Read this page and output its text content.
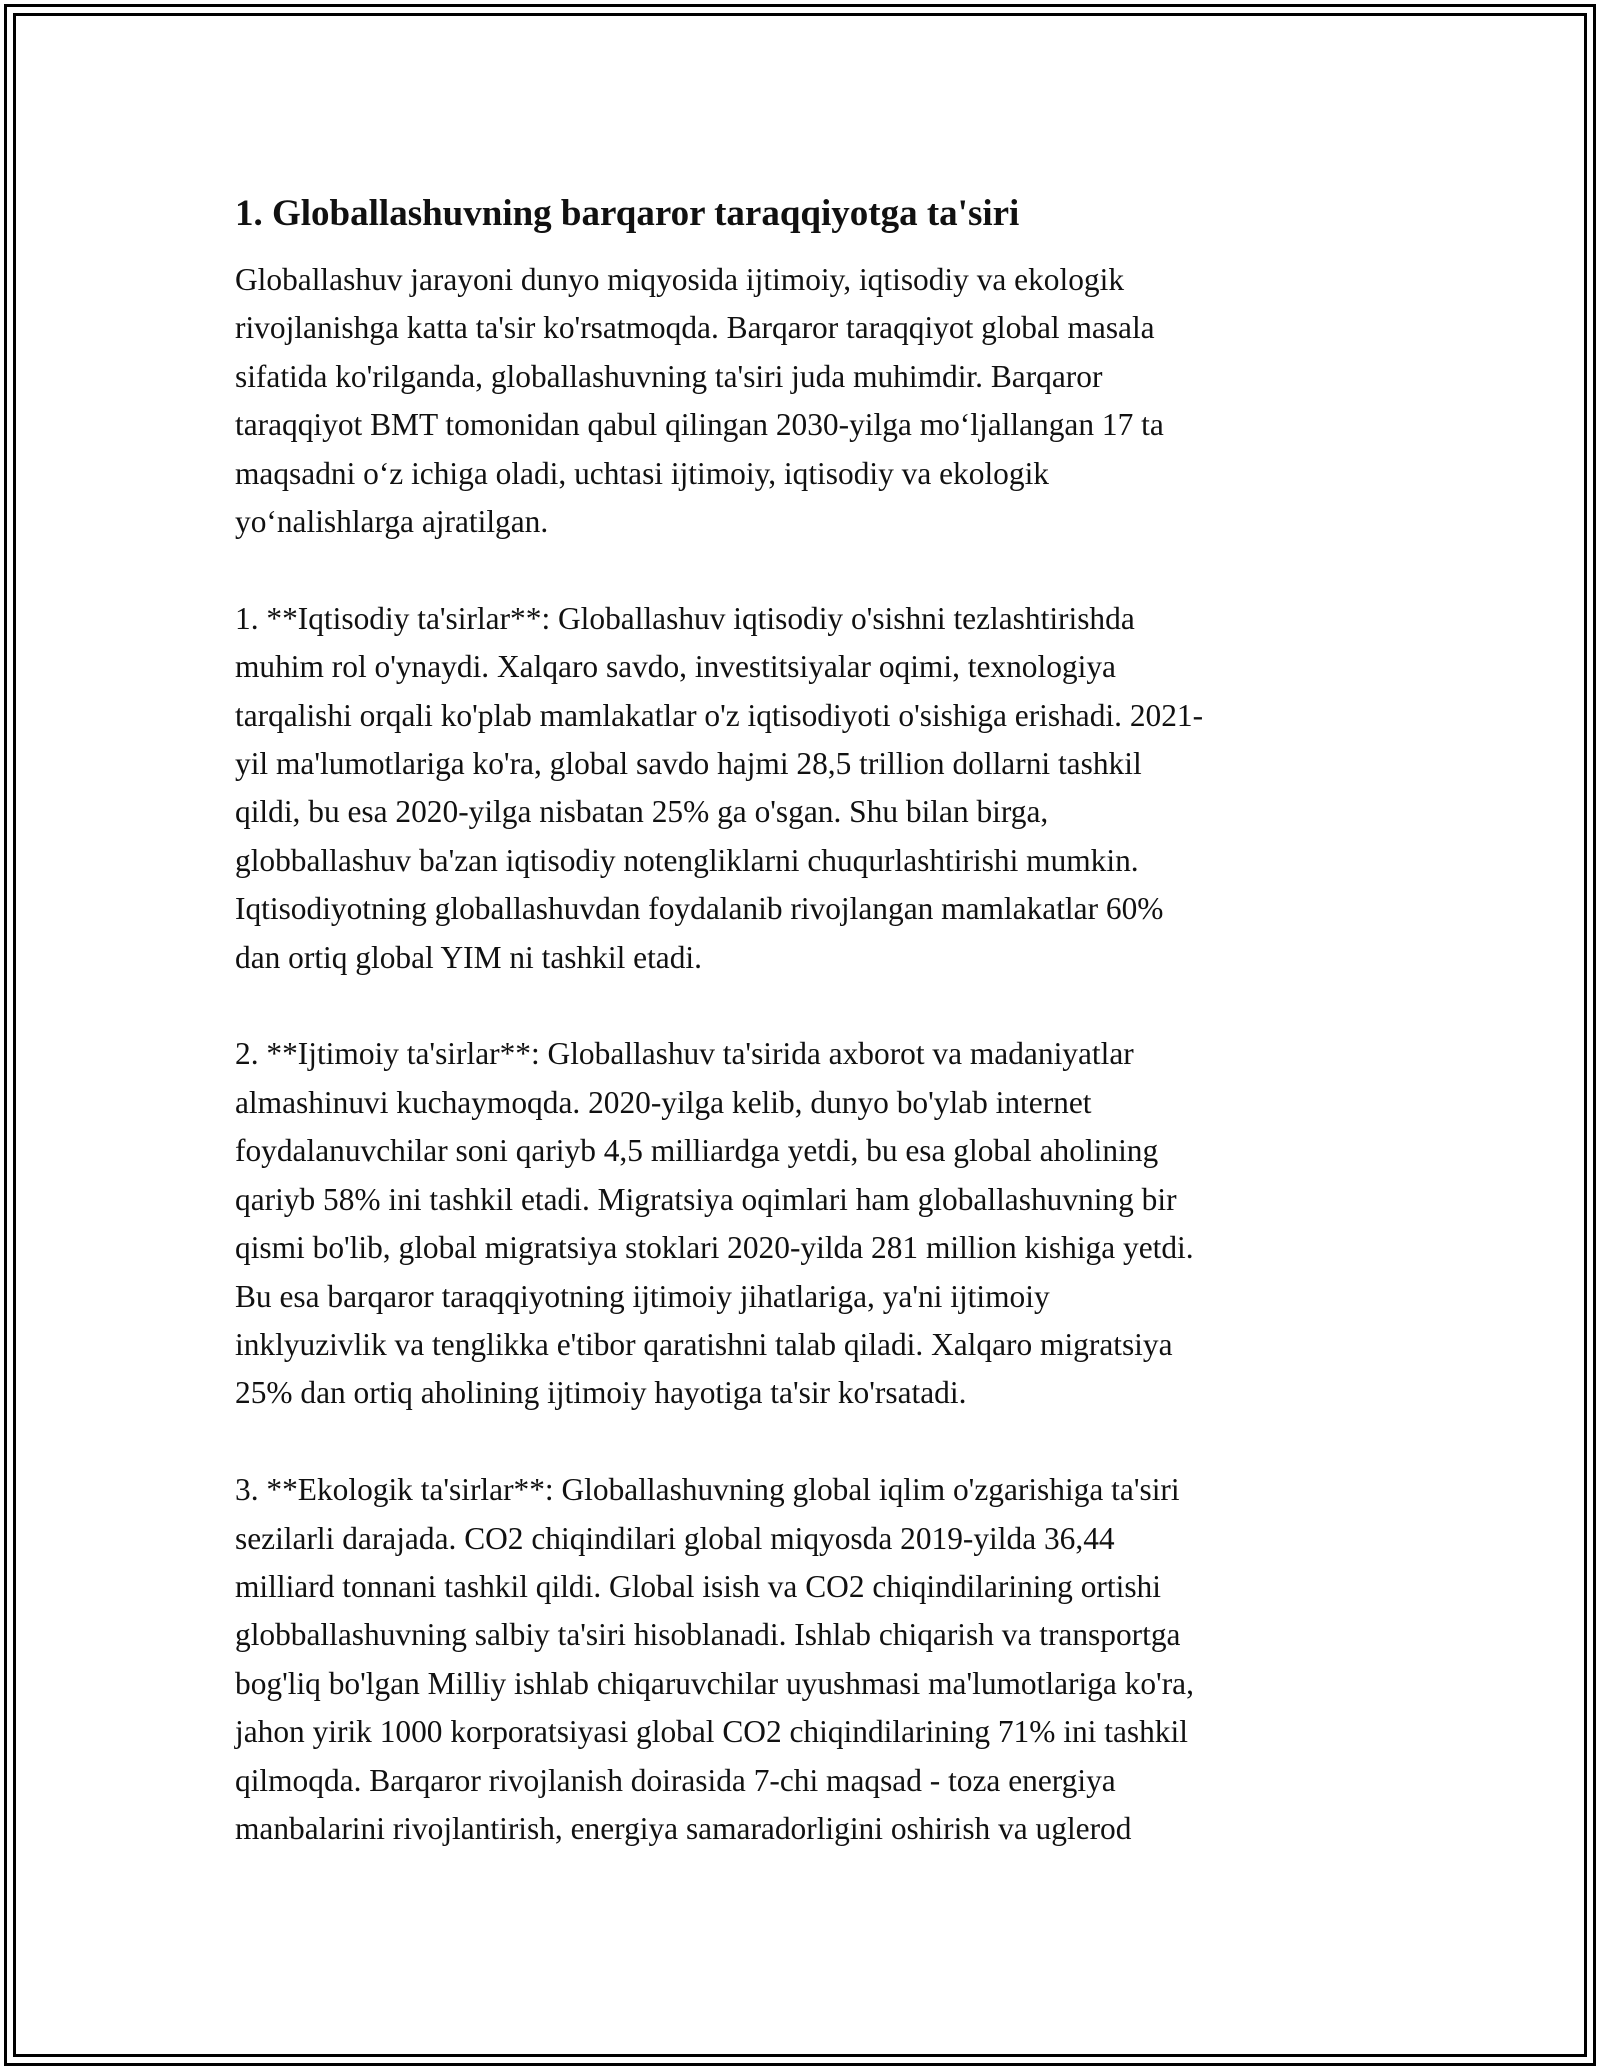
1. Globallashuvning barqaror taraqqiyotga ta'siri

Globallashuv jarayoni dunyo miqyosida ijtimoiy, iqtisodiy va ekologik
rivojlanishga katta ta'sir ko'rsatmoqda. Barqaror taraqqiyot global masala
sifatida ko'rilganda, globallashuvning ta'siri juda muhimdir. Barqaror
taraqqiyot BMT tomonidan qabul qilingan 2030-yilga mo‘ljallangan 17 ta
maqsadni o‘z ichiga oladi, uchtasi ijtimoiy, iqtisodiy va ekologik
yo‘nalishlarga ajratilgan.

1. **Iqtisodiy ta'sirlar**: Globallashuv iqtisodiy o'sishni tezlashtirishda
muhim rol o'ynaydi. Xalqaro savdo, investitsiyalar oqimi, texnologiya
tarqalishi orqali ko'plab mamlakatlar o'z iqtisodiyoti o'sishiga erishadi. 2021-
yil ma'lumotlariga ko'ra, global savdo hajmi 28,5 trillion dollarni tashkil
qildi, bu esa 2020-yilga nisbatan 25% ga o'sgan. Shu bilan birga,
globballashuv ba'zan iqtisodiy notengliklarni chuqurlashtirishi mumkin.
Iqtisodiyotning globallashuvdan foydalanib rivojlangan mamlakatlar 60%
dan ortiq global YIM ni tashkil etadi.

2. **Ijtimoiy ta'sirlar**: Globallashuv ta'sirida axborot va madaniyatlar
almashinuvi kuchaymoqda. 2020-yilga kelib, dunyo bo'ylab internet
foydalanuvchilar soni qariyb 4,5 milliardga yetdi, bu esa global aholining
qariyb 58% ini tashkil etadi. Migratsiya oqimlari ham globallashuvning bir
qismi bo'lib, global migratsiya stoklari 2020-yilda 281 million kishiga yetdi.
Bu esa barqaror taraqqiyotning ijtimoiy jihatlariga, ya'ni ijtimoiy
inklyuzivlik va tenglikka e'tibor qaratishni talab qiladi. Xalqaro migratsiya
25% dan ortiq aholining ijtimoiy hayotiga ta'sir ko'rsatadi.

3. **Ekologik ta'sirlar**: Globallashuvning global iqlim o'zgarishiga ta'siri
sezilarli darajada. CO2 chiqindilari global miqyosda 2019-yilda 36,44
milliard tonnani tashkil qildi. Global isish va CO2 chiqindilarining ortishi
globballashuvning salbiy ta'siri hisoblanadi. Ishlab chiqarish va transportga
bog'liq bo'lgan Milliy ishlab chiqaruvchilar uyushmasi ma'lumotlariga ko'ra,
jahon yirik 1000 korporatsiyasi global CO2 chiqindilarining 71% ini tashkil
qilmoqda. Barqaror rivojlanish doirasida 7-chi maqsad - toza energiya
manbalarini rivojlantirish, energiya samaradorligini oshirish va uglerod
